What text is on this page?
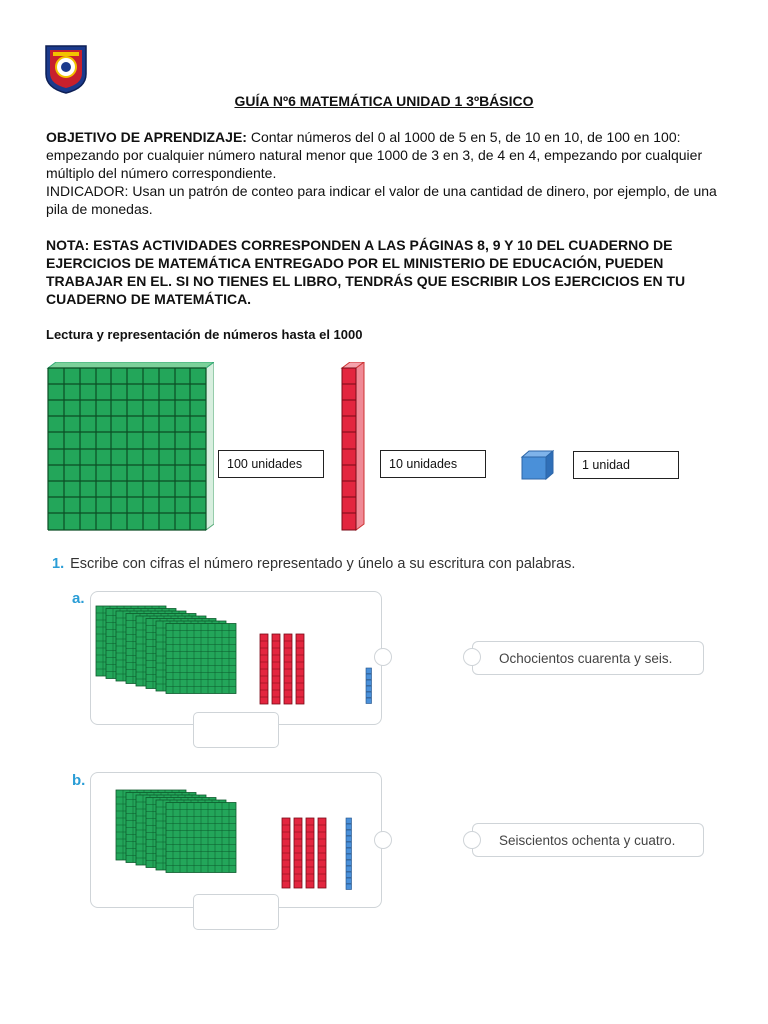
GUÍA Nº6 MATEMÁTICA UNIDAD 1 3ºBÁSICO
OBJETIVO DE APRENDIZAJE: Contar números del 0 al 1000 de 5 en 5, de 10 en 10, de 100 en 100: empezando por cualquier número natural menor que 1000 de 3 en 3, de 4 en 4, empezando por cualquier múltiplo del número correspondiente.
INDICADOR: Usan un patrón de conteo para indicar el valor de una cantidad de dinero, por ejemplo, de una pila de monedas.
NOTA: ESTAS ACTIVIDADES CORRESPONDEN A LAS PÁGINAS 8, 9 Y 10 DEL CUADERNO DE EJERCICIOS DE MATEMÁTICA ENTREGADO POR EL MINISTERIO DE EDUCACIÓN, PUEDEN TRABAJAR EN EL. SI NO TIENES EL LIBRO, TENDRÁS QUE ESCRIBIR LOS EJERCICIOS EN TU CUADERNO DE MATEMÁTICA.
Lectura y representación de números hasta el 1000
100 unidades	10 unidades	1 unidad
1. Escribe con cifras el número representado y únelo a su escritura con palabras.
a.
Ochocientos cuarenta y seis.
b.
Seiscientos ochenta y cuatro.
